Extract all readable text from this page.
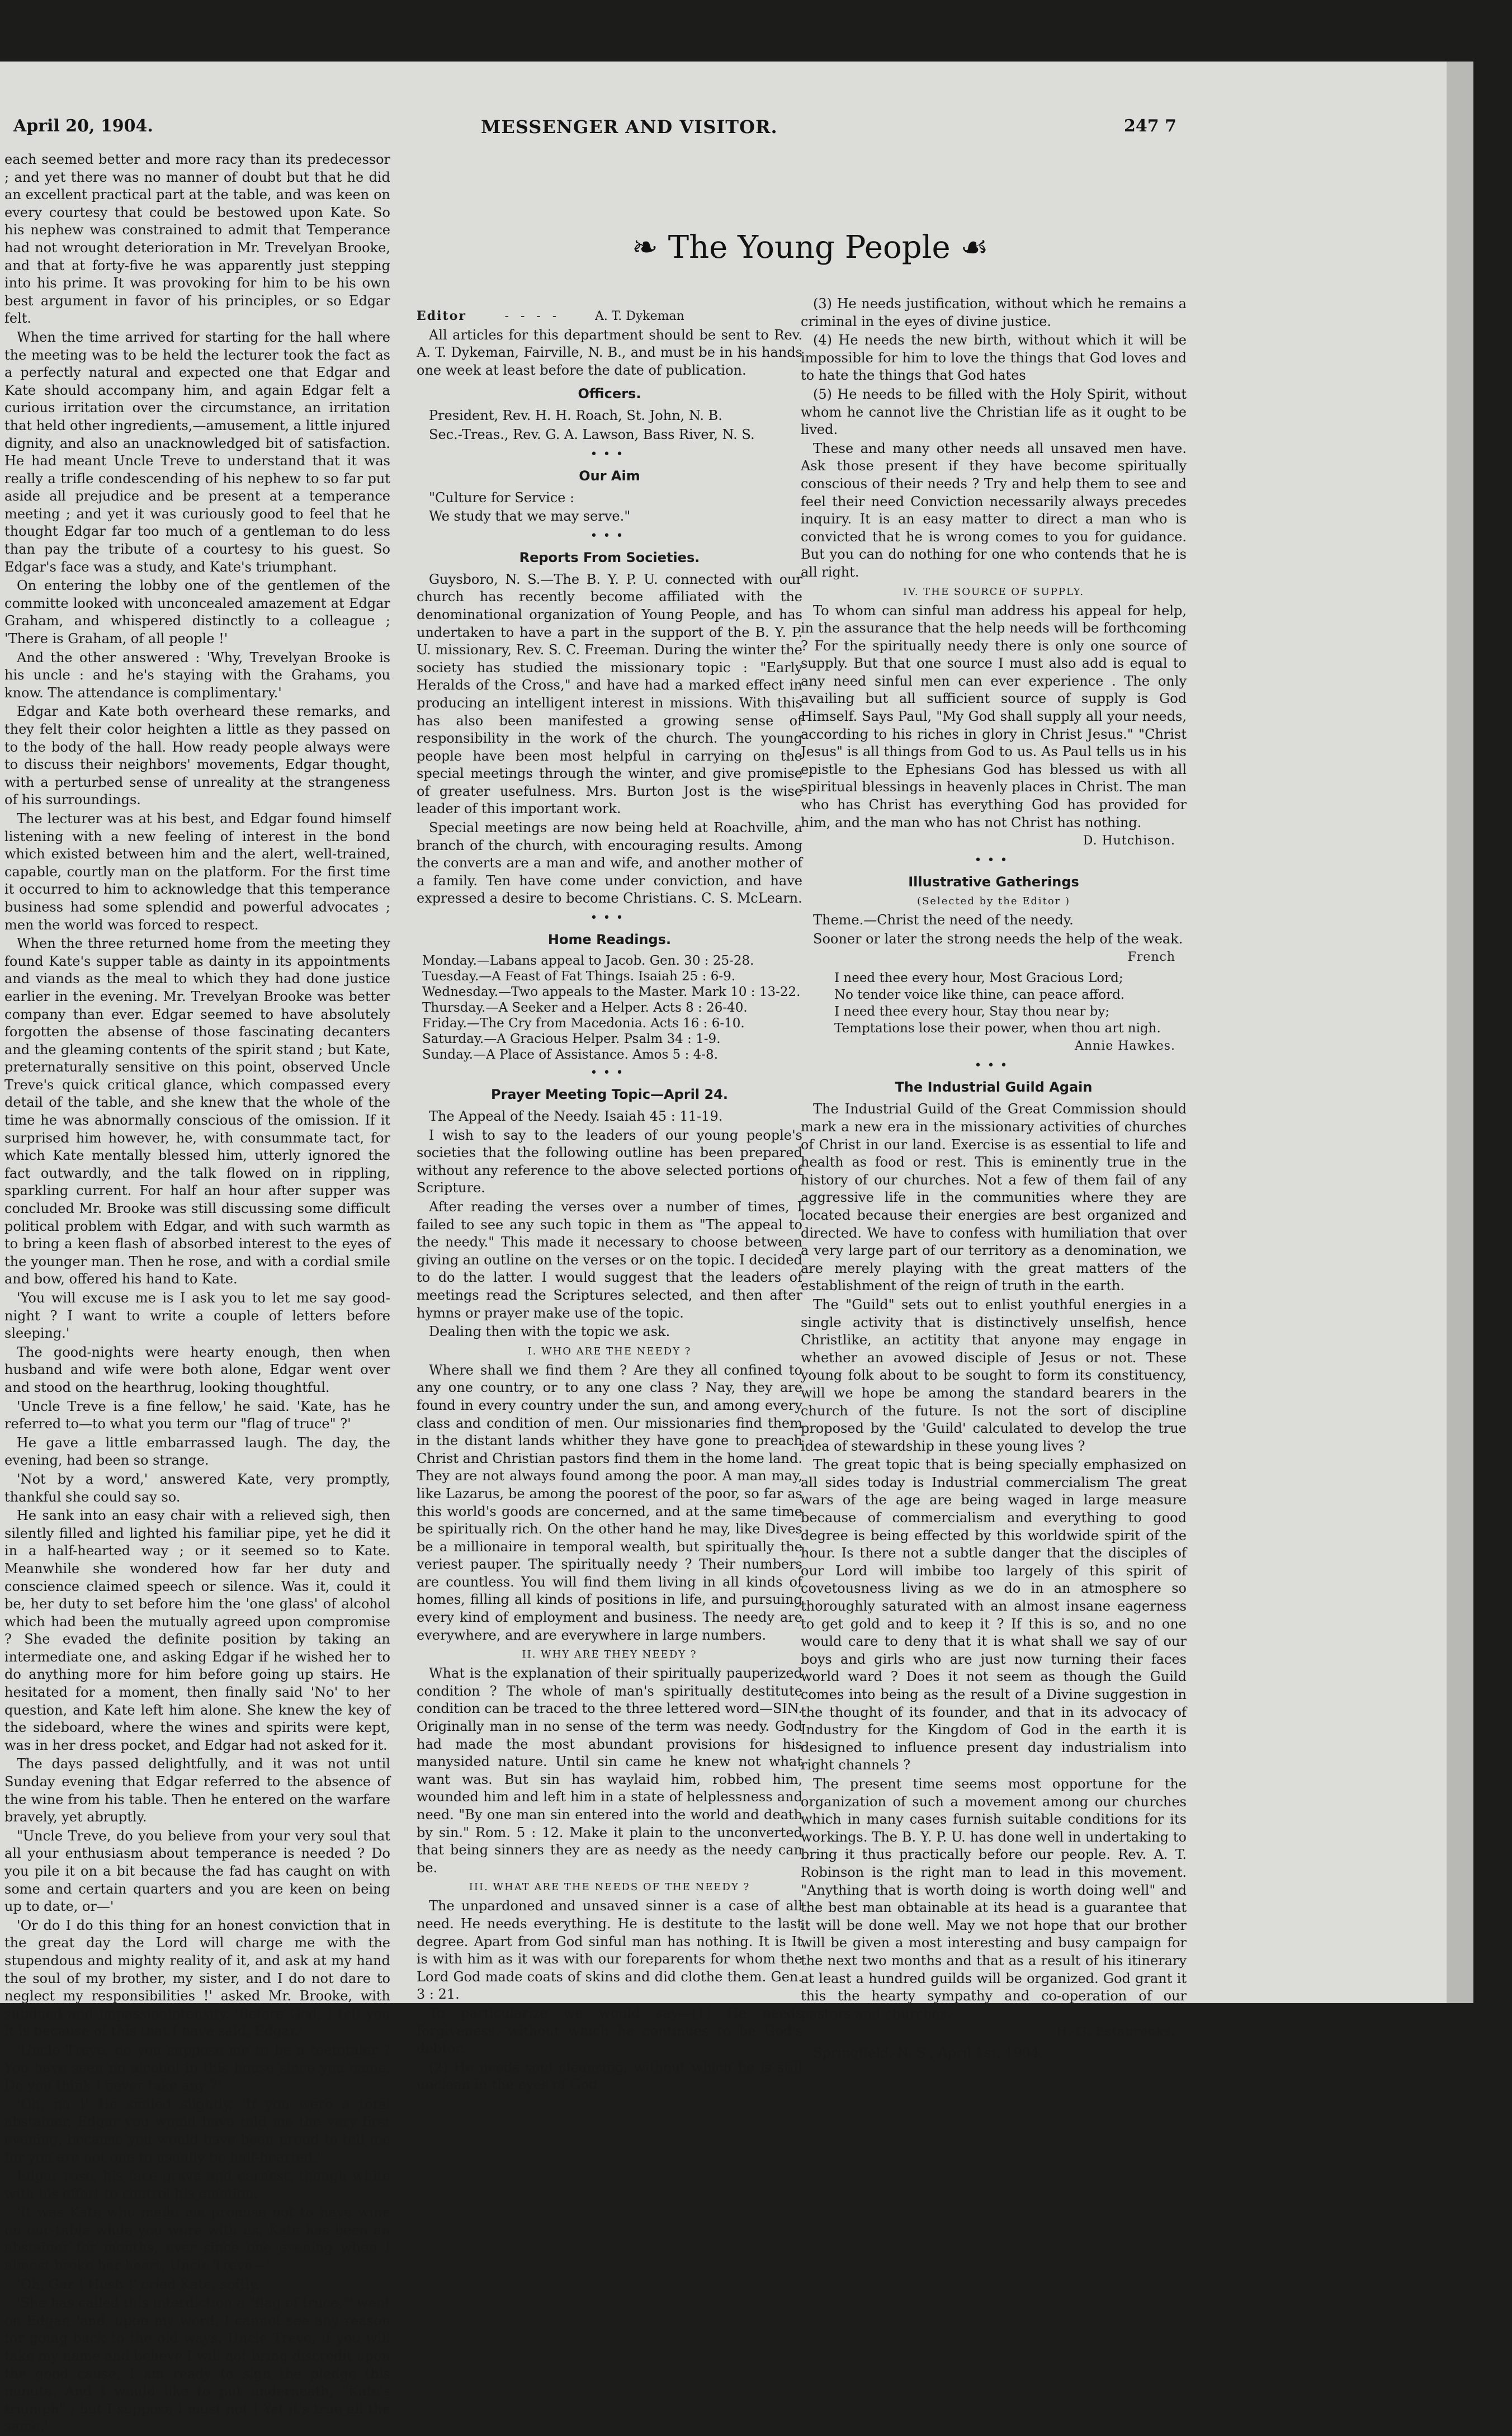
April 20, 1904.	MESSENGER AND VISITOR.	247 7
❧ The Young People ☙

each seemed better and more racy than its predecessor ; and yet there was no manner of doubt but that he did an excellent practical part at the table, and was keen on every courtesy that could be bestowed upon Kate. So his nephew was constrained to admit that Temperance had not wrought deterioration in Mr. Trevelyan Brooke, and that at forty-five he was apparently just stepping into his prime. It was provoking for him to be his own best argument in favor of his principles, or so Edgar felt.

When the time arrived for starting for the hall where the meeting was to be held the lecturer took the fact as a perfectly natural and expected one that Edgar and Kate should accompany him, and again Edgar felt a curious irritation over the circumstance, an irritation that held other ingredients,—amusement, a little injured dignity, and also an unacknowledged bit of satisfaction. He had meant Uncle Treve to understand that it was really a trifle condescending of his nephew to so far put aside all prejudice and be present at a temperance meeting ; and yet it was curiously good to feel that he thought Edgar far too much of a gentleman to do less than pay the tribute of a courtesy to his guest. So Edgar's face was a study, and Kate's triumphant.

On entering the lobby one of the gentlemen of the committe looked with unconcealed amazement at Edgar Graham, and whispered distinctly to a colleague ; 'There is Graham, of all people !'

And the other answered : 'Why, Trevelyan Brooke is his uncle : and he's staying with the Grahams, you know. The attendance is complimentary.'

Edgar and Kate both overheard these remarks, and they felt their color heighten a little as they passed on to the body of the hall. How ready people always were to discuss their neighbors' movements, Edgar thought, with a perturbed sense of unreality at the strangeness of his surroundings.

The lecturer was at his best, and Edgar found himself listening with a new feeling of interest in the bond which existed between him and the alert, well-trained, capable, courtly man on the platform. For the first time it occurred to him to acknowledge that this temperance business had some splendid and powerful advocates ; men the world was forced to respect.

When the three returned home from the meeting they found Kate's supper table as dainty in its appointments and viands as the meal to which they had done justice earlier in the evening. Mr. Trevelyan Brooke was better company than ever. Edgar seemed to have absolutely forgotten the absense of those fascinating decanters and the gleaming contents of the spirit stand ; but Kate, preternaturally sensitive on this point, observed Uncle Treve's quick critical glance, which compassed every detail of the table, and she knew that the whole of the time he was abnormally conscious of the omission. If it surprised him however, he, with consummate tact, for which Kate mentally blessed him, utterly ignored the fact outwardly, and the talk flowed on in rippling, sparkling current. For half an hour after supper was concluded Mr. Brooke was still discussing some difficult political problem with Edgar, and with such warmth as to bring a keen flash of absorbed interest to the eyes of the younger man. Then he rose, and with a cordial smile and bow, offered his hand to Kate.

'You will excuse me is I ask you to let me say good-night ? I want to write a couple of letters before sleeping.'

The good-nights were hearty enough, then when husband and wife were both alone, Edgar went over and stood on the hearthrug, looking thoughtful.

'Uncle Treve is a fine fellow,' he said. 'Kate, has he referred to—to what you term our "flag of truce" ?'

He gave a little embarrassed laugh. The day, the evening, had been so strange.

'Not by a word,' answered Kate, very promptly, thankful she could say so.

He sank into an easy chair with a relieved sigh, then silently filled and lighted his familiar pipe, yet he did it in a half-hearted way ; or it seemed so to Kate. Meanwhile she wondered how far her duty and conscience claimed speech or silence. Was it, could it be, her duty to set before him the 'one glass' of alcohol which had been the mutually agreed upon compromise ? She evaded the definite position by taking an intermediate one, and asking Edgar if he wished her to do anything more for him before going up stairs. He hesitated for a moment, then finally said 'No' to her question, and Kate left him alone. She knew the key of the sideboard, where the wines and spirits were kept, was in her dress pocket, and Edgar had not asked for it.

The days passed delightfully, and it was not until Sunday evening that Edgar referred to the absence of the wine from his table. Then he entered on the warfare bravely, yet abruptly.

"Uncle Treve, do you believe from your very soul that all your enthusiasm about temperance is needed ? Do you pile it on a bit because the fad has caught on with some and certain quarters and you are keen on being up to date, or—'

'Or do I do this thing for an honest conviction that in the great day the Lord will charge me with the stupendous and mighty reality of it, and ask at my hand the soul of my brother, my sister, and I do not dare to neglect my responsibilities !' asked Mr. Brooke, with subdued and impassionintensity. 'Before God, I tell you it is because of this that I have said, Edgar.'

'Uncle Treve, do you suppose me to be a teetotaler ? You have seen no alcohol in this house since you came. Do you think I never take any ?'

'Oh, no !' He smiled slightly. 'If you were a total abstainer, Edgar you would have told me the very first evening, because you would have been proud to tell me for you are not one to usually be half-hearted.'

Edgar rose, his face grave and earnest, though white with his effort to control his emotion.

'It was Kate who made me promise not to have wine on our table while you were with us. Kate has been an abstainer for months, ever since one evening when I almost broke her heart, Uncle Treve—'

'Oh, Gar ! Hush !' cried Kate, softly.

'She has called this interdiction a "flag of truce,"' went on Edgar, 'and, upon my word, I cannot see any reason for going back to the old ways. Uncle Treve, if you will take my name and believe I will not bring discredit upon the good cause, I am ready to sign the pledge this minute. And I would like to put underneath, "Kate's triumph" ; but I suppose I must not ! Yet it's true all the same.'

Editor	-   -   -   -	A. T. Dykeman

All articles for this department should be sent to Rev. A. T. Dykeman, Fairville, N. B., and must be in his hands one week at least before the date of publication.

Officers.

President, Rev. H. H. Roach, St. John, N. B.

Sec.-Treas., Rev. G. A. Lawson, Bass River, N. S.

•••
Our Aim

"Culture for Service :

We study that we may serve."

•••
Reports From Societies.

Guysboro, N. S.—The B. Y. P. U. connected with our church has recently become affiliated with the denominational organization of Young People, and has undertaken to have a part in the support of the B. Y. P. U. missionary, Rev. S. C. Freeman. During the winter the society has studied the missionary topic : "Early Heralds of the Cross," and have had a marked effect in producing an intelligent interest in missions. With this has also been manifested a growing sense of responsibility in the work of the church. The young people have been most helpful in carrying on the special meetings through the winter, and give promise of greater usefulness. Mrs. Burton Jost is the wise leader of this important work.

Special meetings are now being held at Roachville, a branch of the church, with encouraging results. Among the converts are a man and wife, and another mother of a family. Ten have come under conviction, and have expressed a desire to become Christians. C. S. McLearn.

•••
Home Readings.
Monday.—Labans appeal to Jacob. Gen. 30 : 25-28.
Tuesday.—A Feast of Fat Things. Isaiah 25 : 6-9.
Wednesday.—Two appeals to the Master. Mark 10 : 13-22.
Thursday.—A Seeker and a Helper. Acts 8 : 26-40.
Friday.—The Cry from Macedonia. Acts 16 : 6-10.
Saturday.—A Gracious Helper. Psalm 34 : 1-9.
Sunday.—A Place of Assistance. Amos 5 : 4-8.
•••
Prayer Meeting Topic—April 24.

The Appeal of the Needy. Isaiah 45 : 11-19.

I wish to say to the leaders of our young people's societies that the following outline has been prepared without any reference to the above selected portions of Scripture.

After reading the verses over a number of times, I failed to see any such topic in them as "The appeal to the needy." This made it necessary to choose between giving an outline on the verses or on the topic. I decided to do the latter. I would suggest that the leaders of meetings read the Scriptures selected, and then after hymns or prayer make use of the topic.

Dealing then with the topic we ask.

I. WHO ARE THE NEEDY ?

Where shall we find them ? Are they all confined to any one country, or to any one class ? Nay, they are found in every country under the sun, and among every class and condition of men. Our missionaries find them in the distant lands whither they have gone to preach Christ and Christian pastors find them in the home land. They are not always found among the poor. A man may, like Lazarus, be among the poorest of the poor, so far as this world's goods are concerned, and at the same time be spiritually rich. On the other hand he may, like Dives be a millionaire in temporal wealth, but spiritually the veriest pauper. The spiritually needy ? Their numbers are countless. You will find them living in all kinds of homes, filling all kinds of positions in life, and pursuing every kind of employment and business. The needy are everywhere, and are everywhere in large numbers.

II. WHY ARE THEY NEEDY ?

What is the explanation of their spiritually pauperized condition ? The whole of man's spiritually destitute condition can be traced to the three lettered word—SIN. Originally man in no sense of the term was needy. God had made the most abundant provisions for his manysided nature. Until sin came he knew not what want was. But sin has waylaid him, robbed him, wounded him and left him in a state of helplessness and need. "By one man sin entered into the world and death by sin." Rom. 5 : 12. Make it plain to the unconverted that being sinners they are as needy as the needy can be.

III. WHAT ARE THE NEEDS OF THE NEEDY ?

The unpardoned and unsaved sinner is a case of all need. He needs everything. He is destitute to the last degree. Apart from God sinful man has nothing. It is It is with him as it was with our foreparents for whom the Lord God made coats of skins and did clothe them. Gen. 3 : 21.

To particularize we would say—(1) He needs forgiveness, without which he continues to be God's debtor.

(2) He needs soul cleansing, without which he is still unclean in the eyes of God.

(3) He needs justification, without which he remains a criminal in the eyes of divine justice.

(4) He needs the new birth, without which it will be impossible for him to love the things that God loves and to hate the things that God hates

(5) He needs to be filled with the Holy Spirit, without whom he cannot live the Christian life as it ought to be lived.

These and many other needs all unsaved men have. Ask those present if they have become spiritually conscious of their needs ? Try and help them to see and feel their need Conviction necessarily always precedes inquiry. It is an easy matter to direct a man who is convicted that he is wrong comes to you for guidance. But you can do nothing for one who contends that he is all right.

IV. THE SOURCE OF SUPPLY.

To whom can sinful man address his appeal for help, in the assurance that the help needs will be forthcoming ? For the spiritually needy there is only one source of supply. But that one source I must also add is equal to any need sinful men can ever experience . The only availing but all sufficient source of supply is God Himself. Says Paul, "My God shall supply all your needs, according to his riches in glory in Christ Jesus." "Christ Jesus" is all things from God to us. As Paul tells us in his epistle to the Ephesians God has blessed us with all spiritual blessings in heavenly places in Christ. The man who has Christ has everything God has provided for him, and the man who has not Christ has nothing.

D. Hutchison.
•••
Illustrative Gatherings
(Selected by the Editor )

Theme.—Christ the need of the needy.

Sooner or later the strong needs the help of the weak.

French
I need thee every hour, Most Gracious Lord;
No tender voice like thine, can peace afford.
I need thee every hour, Stay thou near by;
Temptations lose their power, when thou art nigh.
Annie Hawkes.
•••
The Industrial Guild Again

The Industrial Guild of the Great Commission should mark a new era in the missionary activities of churches of Christ in our land. Exercise is as essential to life and health as food or rest. This is eminently true in the history of our churches. Not a few of them fail of any aggressive life in the communities where they are located because their energies are best organized and directed. We have to confess with humiliation that over a very large part of our territory as a denomination, we are merely playing with the great matters of the establishment of the reign of truth in the earth.

The "Guild" sets out to enlist youthful energies in a single activity that is distinctively unselfish, hence Christlike, an actitity that anyone may engage in whether an avowed disciple of Jesus or not. These young folk about to be sought to form its constituency, will we hope be among the standard bearers in the church of the future. Is not the sort of discipline proposed by the 'Guild' calculated to develop the true idea of stewardship in these young lives ?

The great topic that is being specially emphasized on all sides today is Industrial commercialism The great wars of the age are being waged in large measure because of commercialism and everything to good degree is being effected by this worldwide spirit of the hour. Is there not a subtle danger that the disciples of our Lord will imbibe too largely of this spirit of covetousness living as we do in an atmosphere so thoroughly saturated with an almost insane eagerness to get gold and to keep it ? If this is so, and no one would care to deny that it is what shall we say of our boys and girls who are just now turning their faces world ward ? Does it not seem as though the Guild comes into being as the result of a Divine suggestion in the thought of its founder, and that in its advocacy of Industry for the Kingdom of God in the earth it is designed to influence present day industrialism into right channels ?

The present time seems most opportune for the organization of such a movement among our churches which in many cases furnish suitable conditions for its workings. The B. Y. P. U. has done well in undertaking to bring it thus practically before our people. Rev. A. T. Robinson is the right man to lead in this movement. "Anything that is worth doing is worth doing well" and the best man obtainable at its head is a guarantee that it will be done well. May we not hope that our brother will be given a most interesting and busy campaign for the next two months and that as a result of his itinerary at least a hundred guilds will be organized. God grant it this the hearty sympathy and co-operation of our pastors and churches.

H. G. Estabrooks.

Springfield, N. S., April 1st, 1904.
